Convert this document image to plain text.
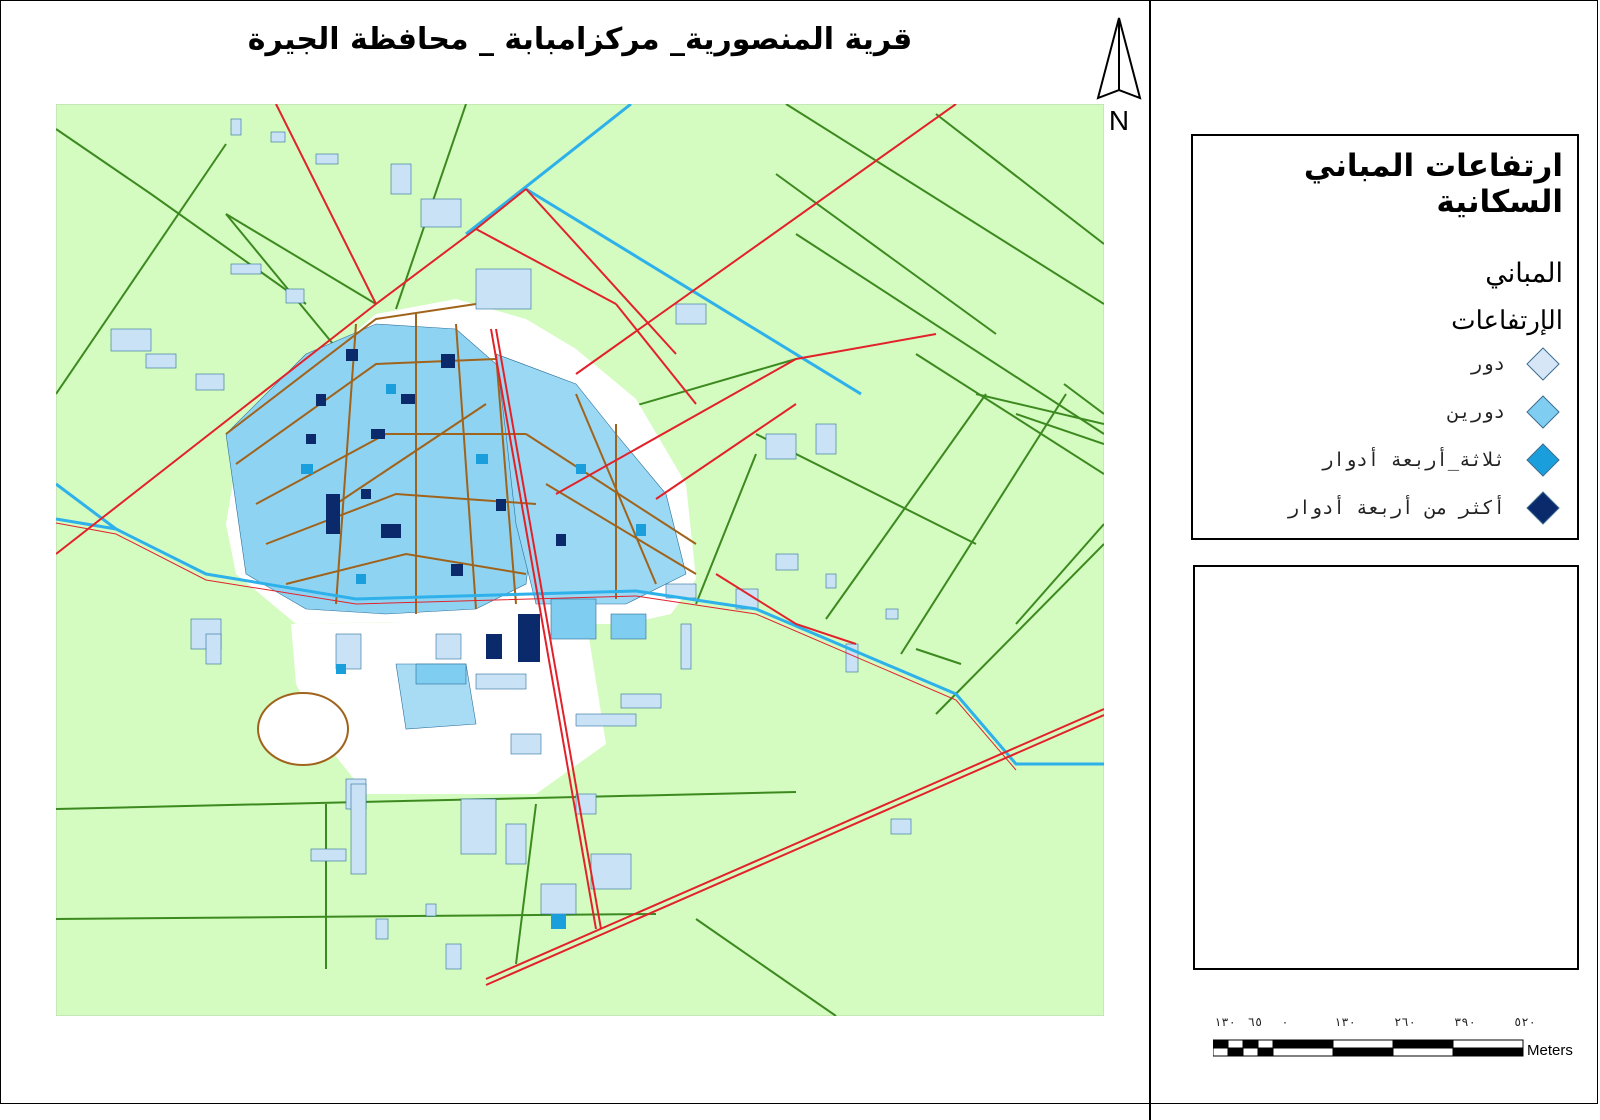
قرية المنصورية_ مركزامبابة _ محافظة الجيرة
N
ارتفاعات المباني السكانية
المباني
الإرتفاعات
دور
دورين
ثلاثة_أربعة أدوار
أكثر من أربعة أدوار
١٣٠ ٦٥ ٠	١٣٠	٢٦٠	٣٩٠	٥٢٠
Meters
